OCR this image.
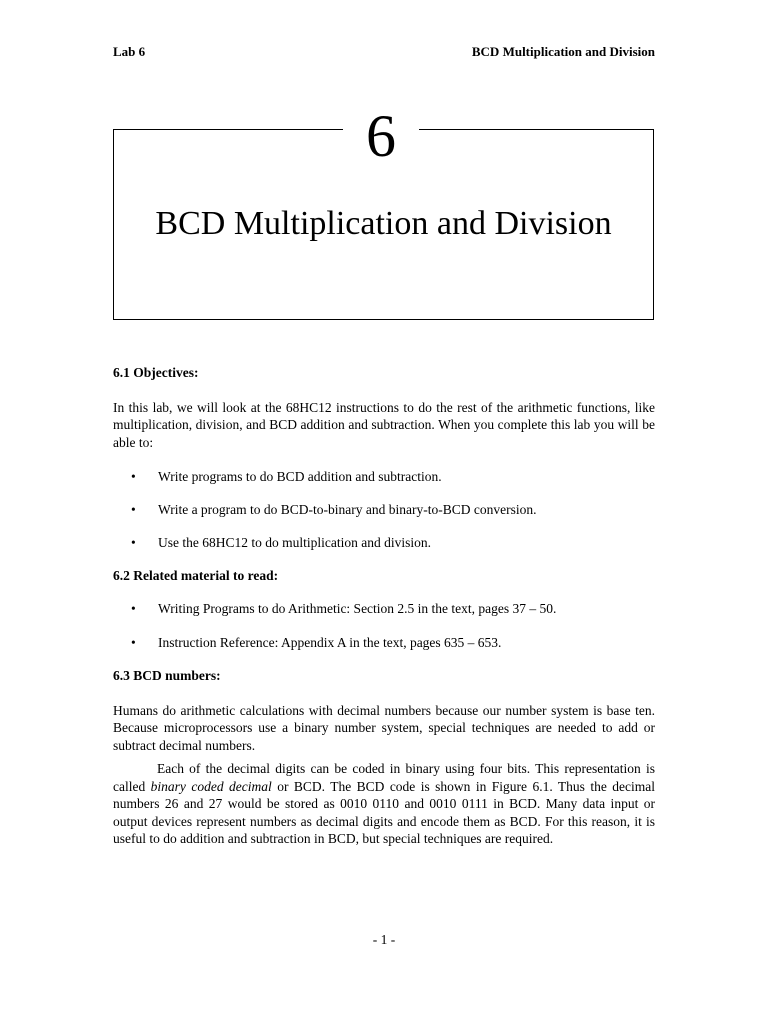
Lab 6	BCD Multiplication and Division
6
BCD Multiplication and Division
6.1 Objectives:

In this lab, we will look at the 68HC12 instructions to do the rest of the arithmetic functions, like multiplication, division, and BCD addition and subtraction. When you complete this lab you will be able to:

• Write programs to do BCD addition and subtraction.
• Write a program to do BCD-to-binary and binary-to-BCD conversion.
• Use the 68HC12 to do multiplication and division.
6.2 Related material to read:
• Writing Programs to do Arithmetic: Section 2.5 in the text, pages 37 – 50.
• Instruction Reference: Appendix A in the text, pages 635 – 653.
6.3 BCD numbers:

Humans do arithmetic calculations with decimal numbers because our number system is base ten. Because microprocessors use a binary number system, special techniques are needed to add or subtract decimal numbers.

Each of the decimal digits can be coded in binary using four bits. This representation is called binary coded decimal or BCD. The BCD code is shown in Figure 6.1. Thus the decimal numbers 26 and 27 would be stored as 0010 0110 and 0010 0111 in BCD. Many data input or output devices represent numbers as decimal digits and encode them as BCD. For this reason, it is useful to do addition and subtraction in BCD, but special techniques are required.

- 1 -
